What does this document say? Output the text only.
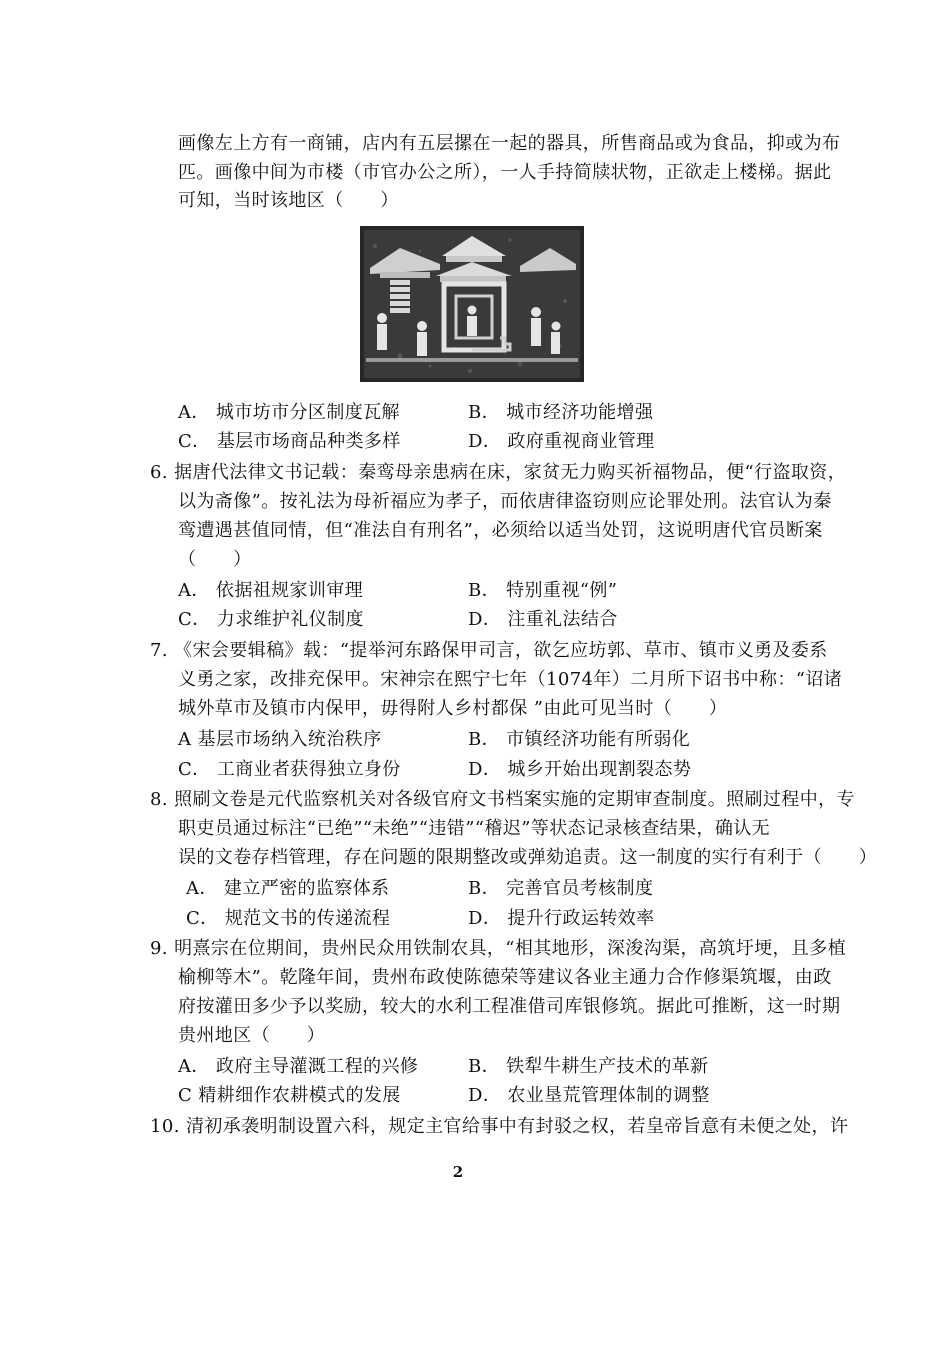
画像左上方有一商铺，店内有五层摞在一起的器具，所售商品或为食品，抑或为布
匹。画像中间为市楼（市官办公之所），一人手持简牍状物，正欲走上楼梯。据此
可知，当时该地区（　　）
A． 城市坊市分区制度瓦解	B． 城市经济功能增强
C． 基层市场商品种类多样	D． 政府重视商业管理
6. 据唐代法律文书记载：秦鸾母亲患病在床，家贫无力购买祈福物品，便“行盗取资，
以为斋像”。按礼法为母祈福应为孝子，而依唐律盗窃则应论罪处刑。法官认为秦
鸾遭遇甚值同情，但“准法自有刑名”，必须给以适当处罚，这说明唐代官员断案
（　　）
A． 依据祖规家训审理	B． 特别重视“例”
C． 力求维护礼仪制度	D． 注重礼法结合
7. 《宋会要辑稿》载：“提举河东路保甲司言，欲乞应坊郭、草市、镇市义勇及委系
义勇之家，改排充保甲。宋神宗在熙宁七年（1074年）二月所下诏书中称：“诏诸
城外草市及镇市内保甲，毋得附人乡村都保 ”由此可见当时（　　）
A 基层市场纳入统治秩序	B． 市镇经济功能有所弱化
C． 工商业者获得独立身份	D． 城乡开始出现割裂态势
8. 照刷文卷是元代监察机关对各级官府文书档案实施的定期审查制度。照刷过程中，专
职吏员通过标注“已绝”“未绝”“违错”“稽迟”等状态记录核查结果，确认无
误的文卷存档管理，存在问题的限期整改或弹劾追责。这一制度的实行有利于（　　）
A． 建立严密的监察体系	B． 完善官员考核制度
C． 规范文书的传递流程	D． 提升行政运转效率
9. 明熹宗在位期间，贵州民众用铁制农具，“相其地形，深浚沟渠，高筑圩埂，且多植
榆柳等木”。乾隆年间，贵州布政使陈德荣等建议各业主通力合作修渠筑堰，由政
府按灌田多少予以奖励，较大的水利工程准借司库银修筑。据此可推断，这一时期
贵州地区（　　）
A． 政府主导灌溉工程的兴修	B． 铁犁牛耕生产技术的革新
C 精耕细作农耕模式的发展	D． 农业垦荒管理体制的调整
10. 清初承袭明制设置六科，规定主官给事中有封驳之权，若皇帝旨意有未便之处，许
2
